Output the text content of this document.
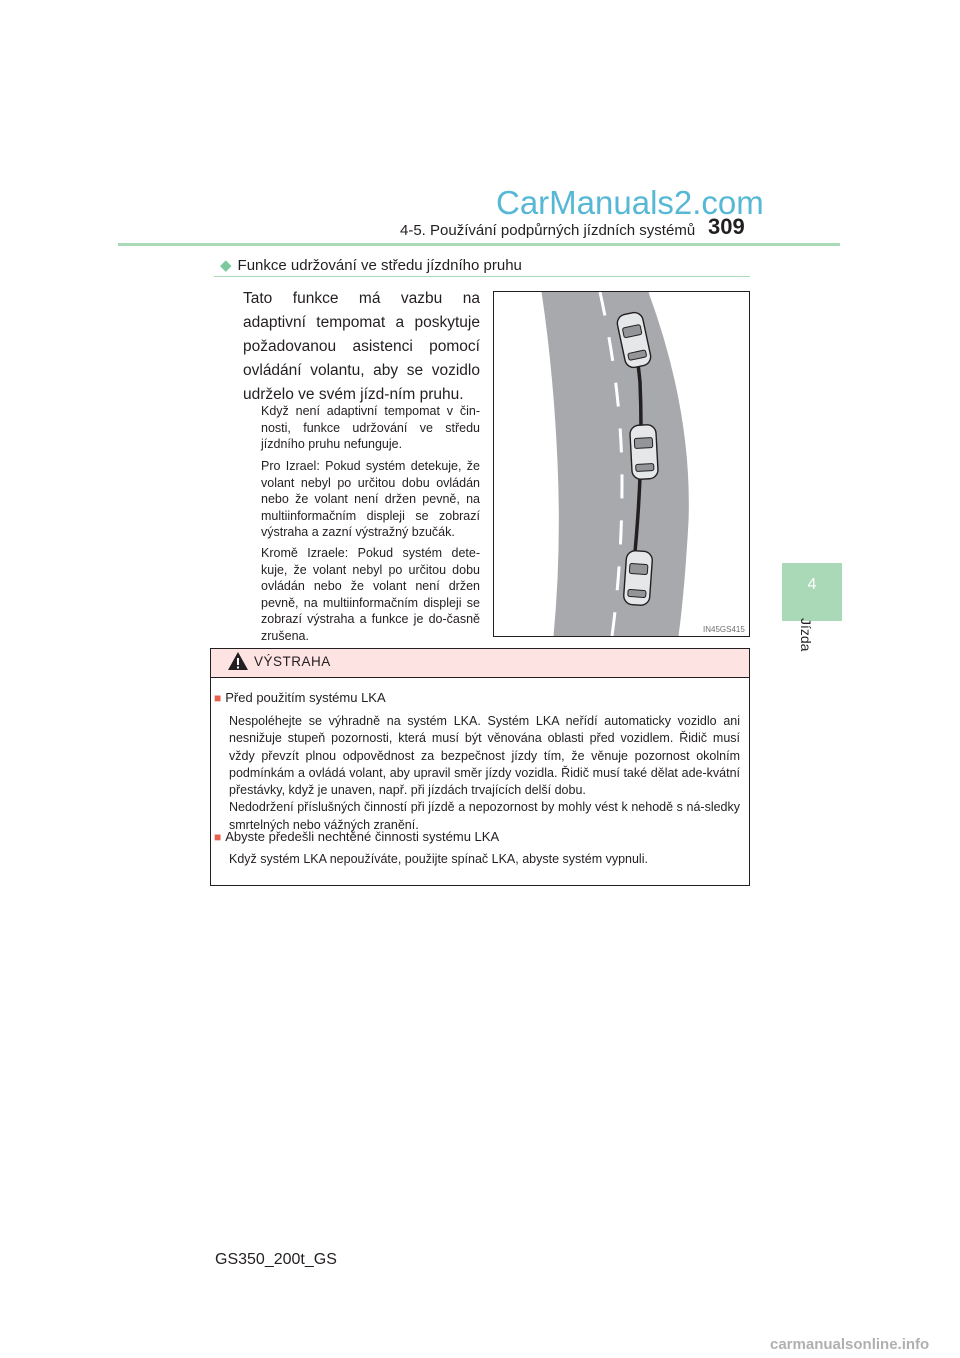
CarManuals2.com
4-5. Používání podpůrných jízdních systémů 309
4
Jízda
◆ Funkce udržování ve středu jízdního pruhu
Tato funkce má vazbu na adaptivní tempomat a poskytuje požadovanou asistenci pomocí ovládání volantu, aby se vozidlo udrželo ve svém jízd-ním pruhu.
Když není adaptivní tempomat v čin-nosti, funkce udržování ve středu jízdního pruhu nefunguje.
Pro Izrael: Pokud systém detekuje, že volant nebyl po určitou dobu ovládán nebo že volant není držen pevně, na multiinformačním displeji se zobrazí výstraha a zazní výstražný bzučák.
Kromě Izraele: Pokud systém dete-kuje, že volant nebyl po určitou dobu ovládán nebo že volant není držen pevně, na multiinformačním displeji se zobrazí výstraha a funkce je do-časně zrušena.	IN45GS415
VÝSTRAHA
■ Před použitím systému LKA
Nespoléhejte se výhradně na systém LKA. Systém LKA neřídí automaticky vozidlo ani nesnižuje stupeň pozornosti, která musí být věnována oblasti před vozidlem. Řidič musí vždy převzít plnou odpovědnost za bezpečnost jízdy tím, že věnuje pozornost okolním podmínkám a ovládá volant, aby upravil směr jízdy vozidla. Řidič musí také dělat ade-kvátní přestávky, když je unaven, např. při jízdách trvajících delší dobu.
Nedodržení příslušných činností při jízdě a nepozornost by mohly vést k nehodě s ná-sledky smrtelných nebo vážných zranění.
■ Abyste předešli nechtěné činnosti systému LKA
Když systém LKA nepoužíváte, použijte spínač LKA, abyste systém vypnuli.
GS350_200t_GS
carmanualsonline.info
